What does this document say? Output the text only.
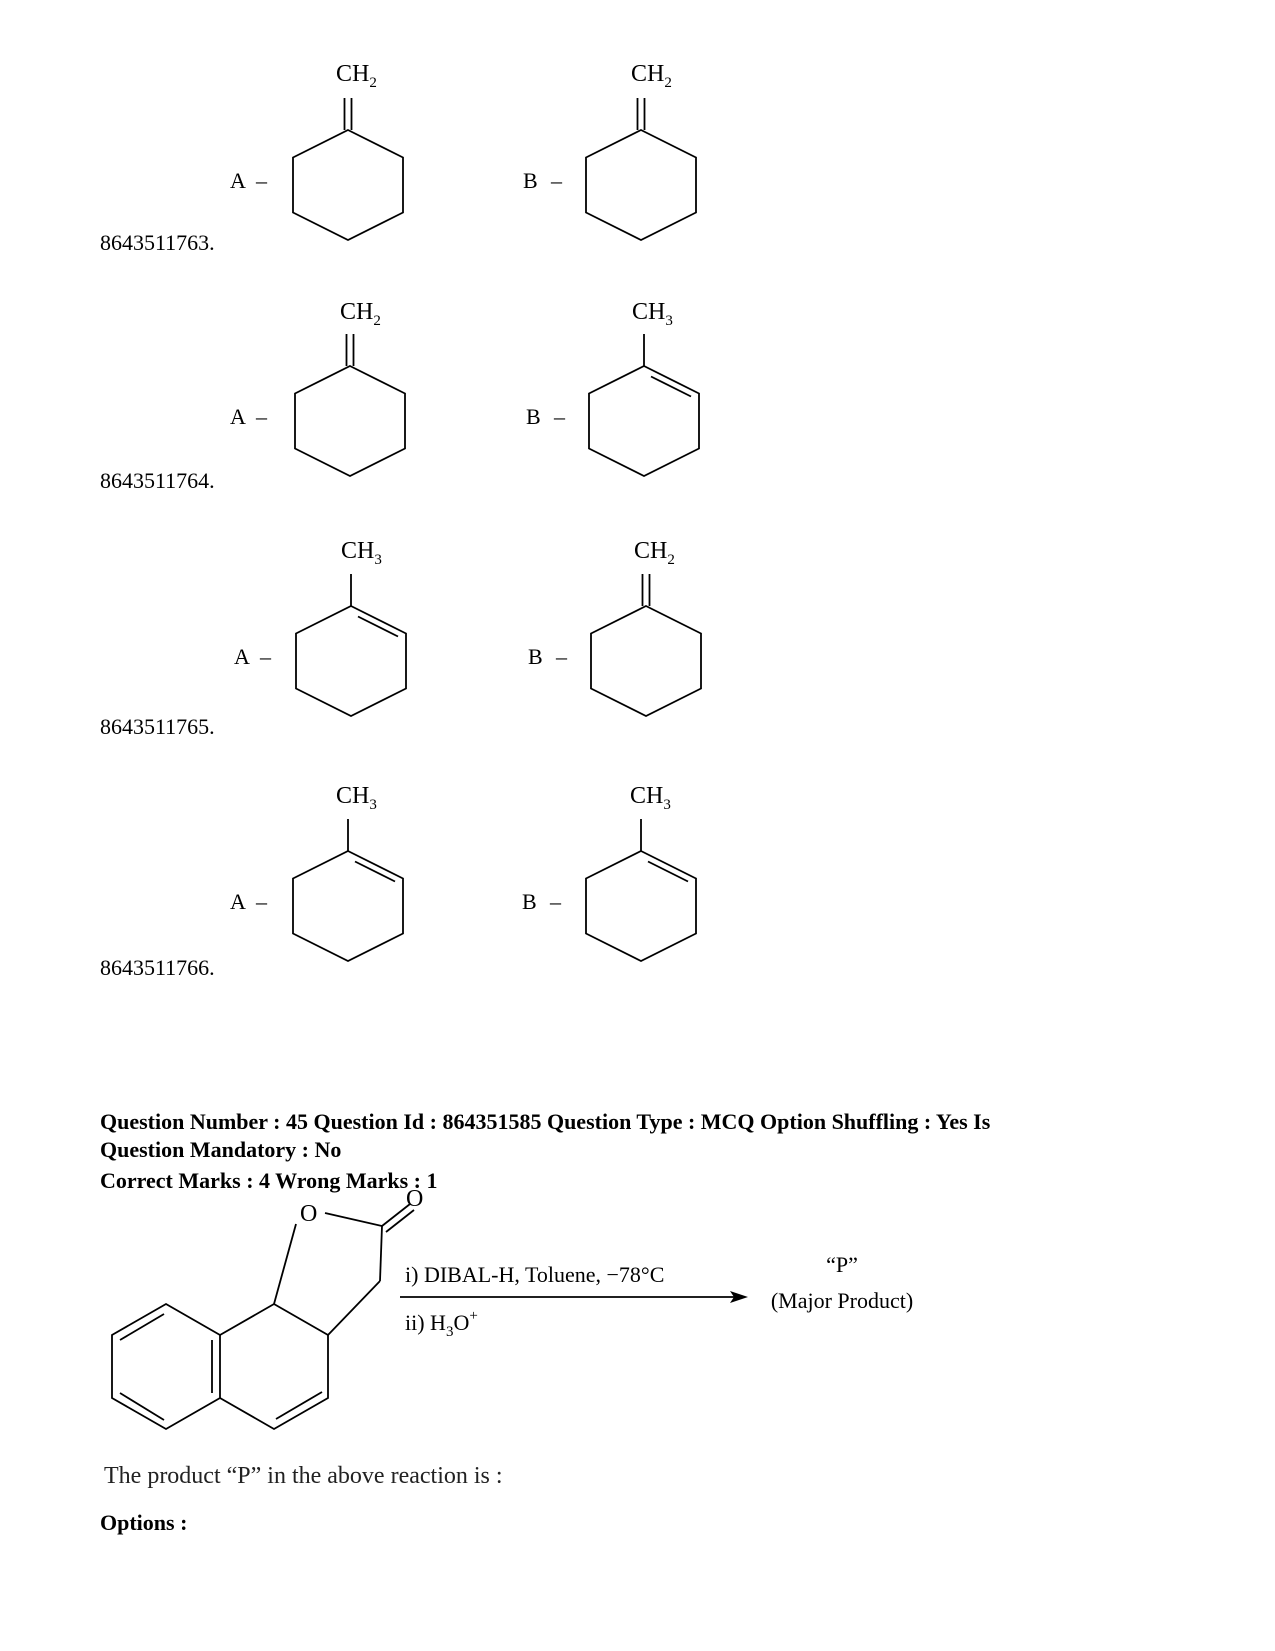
8643511763.
A –
$CH_2$
B –
$CH_2$
8643511764.
A –
$CH_2$
B –
$CH_3$
8643511765.
A –
$CH_3$
B –
$CH_2$
8643511766.
A –
$CH_3$
B –
$CH_3$
Question Number : 45 Question Id : 864351585 Question Type : MCQ Option Shuffling : Yes Is
Question Mandatory : No
Correct Marks : 4 Wrong Marks : 1
O
O
i) DIBAL-H, Toluene, −78°C
ii) $H_3O^+$
“P”
(Major Product)
The product “P” in the above reaction is :
Options :
